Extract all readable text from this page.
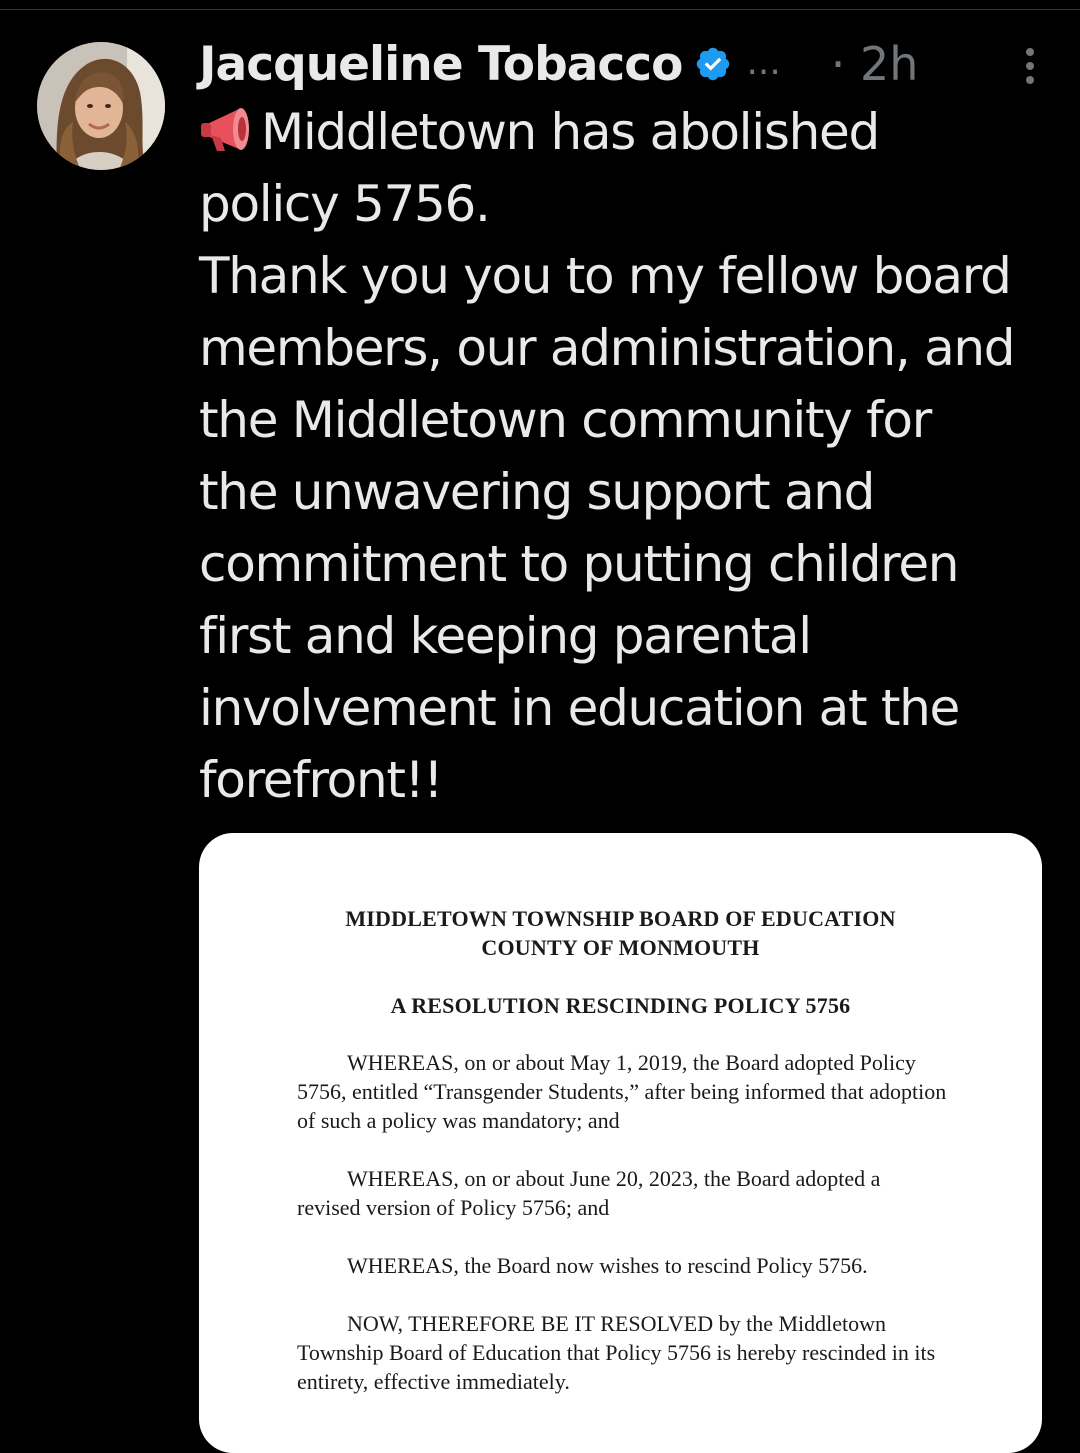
Jacqueline Tobacco ... · 2h

Middletown has abolished
policy 5756.
Thank you you to my fellow board
members, our administration, and
the Middletown community for
the unwavering support and
commitment to putting children
first and keeping parental
involvement in education at the
forefront!!

MIDDLETOWN TOWNSHIP BOARD OF EDUCATION
COUNTY OF MONMOUTH
A RESOLUTION RESCINDING POLICY 5756

WHEREAS, on or about May 1, 2019, the Board adopted Policy 5756, entitled “Transgender Students,” after being informed that adoption of such a policy was mandatory; and

WHEREAS, on or about June 20, 2023, the Board adopted a revised version of Policy 5756; and

WHEREAS, the Board now wishes to rescind Policy 5756.

NOW, THEREFORE BE IT RESOLVED by the Middletown Township Board of Education that Policy 5756 is hereby rescinded in its entirety, effective immediately.
